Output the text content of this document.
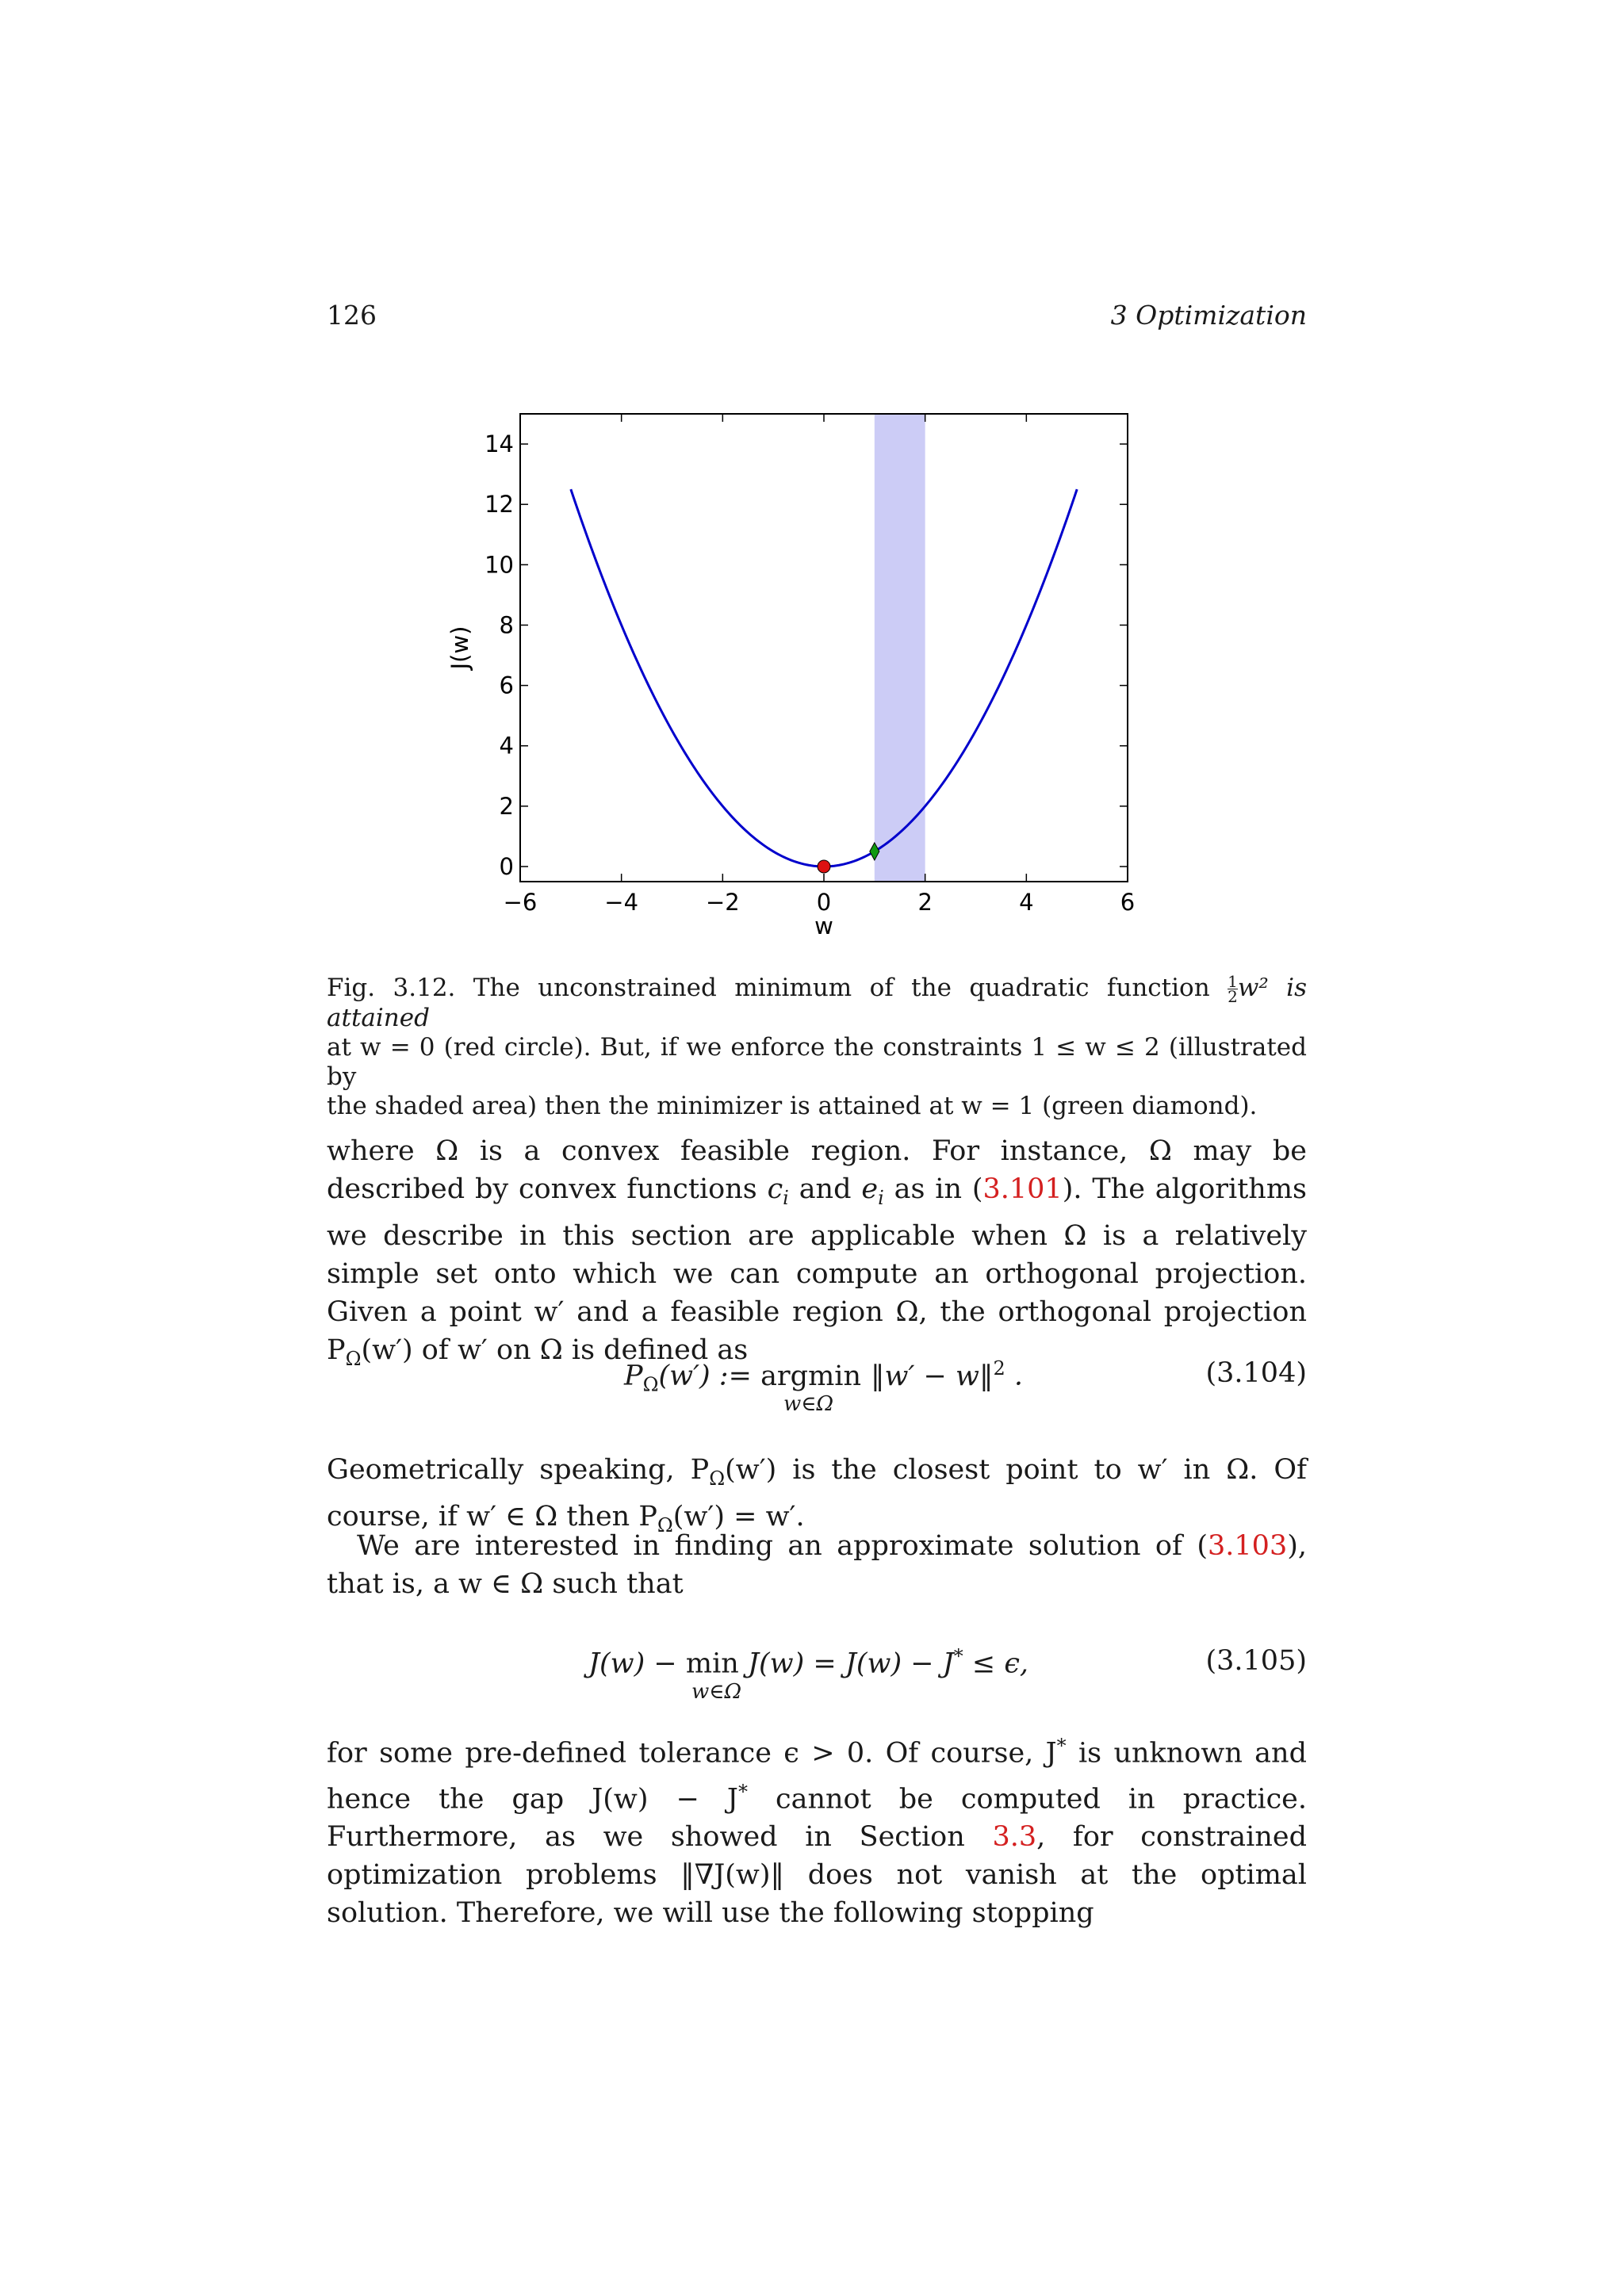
126	3 Optimization
−6	−4	−2	0	2	4	6
0
2
4
6
8
10
12
14
w
J(w)
Fig. 3.12. The unconstrained minimum of the quadratic function $\frac{1}{2} w^2$ is attained
at w = 0 (red circle). But, if we enforce the constraints 1 ≤ w ≤ 2 (illustrated by
the shaded area) then the minimizer is attained at w = 1 (green diamond).
where Ω is a convex feasible region. For instance, Ω may be described by convex functions $c_i$ and $e_i$ as in (3.101). The algorithms we describe in this section are applicable when Ω is a relatively simple set onto which we can compute an orthogonal projection. Given a point w′ and a feasible region Ω, the orthogonal projection $P_\Omega(w')$ of w′ on Ω is defined as
$P_\Omega(w')$ := argmin ‖w′ − w‖$^2$ .
w∈Ω
(3.104)
Geometrically speaking, $P_\Omega(w')$ is the closest point to w′ in Ω. Of course, if w′ ∈ Ω then $P_\Omega(w') = w'$.
We are interested in finding an approximate solution of (3.103), that is, a w ∈ Ω such that
J(w) − min J(w) = J(w) − J* ≤ ϵ,
w∈Ω
(3.105)
for some pre-defined tolerance ϵ > 0. Of course, J* is unknown and hence the gap J(w) − J* cannot be computed in practice. Furthermore, as we showed in Section 3.3, for constrained optimization problems ‖∇J(w)‖ does not vanish at the optimal solution. Therefore, we will use the following stopping
